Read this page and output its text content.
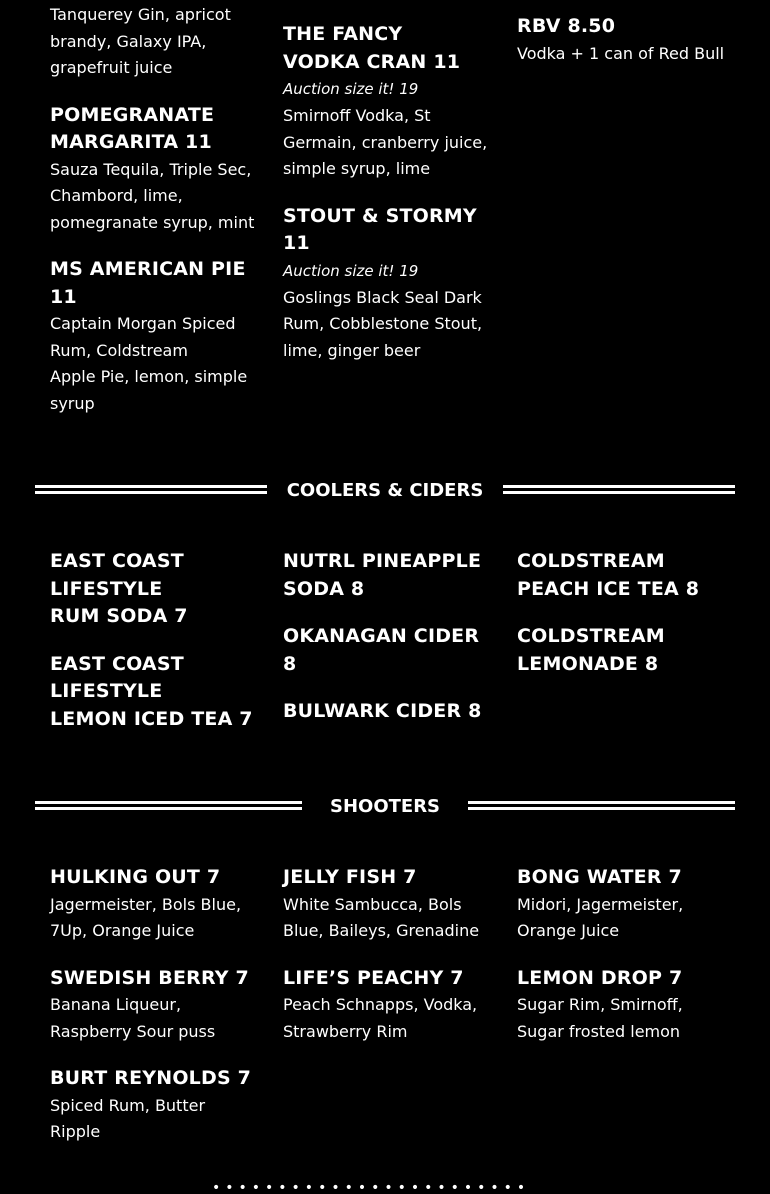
Tanquerey Gin, apricot brandy, Galaxy IPA, grapefruit juice

POMEGRANATE
MARGARITA 11

Sauza Tequila, Triple Sec, Chambord, lime, pomegranate syrup, mint

MS AMERICAN PIE
11

Captain Morgan Spiced Rum, Coldstream
Apple Pie, lemon, simple syrup

THE FANCY
VODKA CRAN 11

Auction size it! 19

Smirnoff Vodka, St Germain, cranberry juice, simple syrup, lime

STOUT & STORMY 11

Auction size it! 19

Goslings Black Seal Dark Rum, Cobblestone Stout, lime, ginger beer

RBV 8.50

Vodka + 1 can of Red Bull

COOLERS & CIDERS

EAST COAST
LIFESTYLE
RUM SODA 7

EAST COAST
LIFESTYLE
LEMON ICED TEA 7

NUTRL PINEAPPLE
SODA 8

OKANAGAN CIDER 8

BULWARK CIDER 8

COLDSTREAM
PEACH ICE TEA 8

COLDSTREAM
LEMONADE 8

SHOOTERS

HULKING OUT 7

Jagermeister, Bols Blue, 7Up, Orange Juice

SWEDISH BERRY 7

Banana Liqueur, Raspberry Sour puss

BURT REYNOLDS 7

Spiced Rum, Butter Ripple

JELLY FISH 7

White Sambucca, Bols Blue, Baileys, Grenadine

LIFE’S PEACHY 7

Peach Schnapps, Vodka, Strawberry Rim

BONG WATER 7

Midori, Jagermeister, Orange Juice

LEMON DROP 7

Sugar Rim, Smirnoff, Sugar frosted lemon

••••••••••••••••••••••••
